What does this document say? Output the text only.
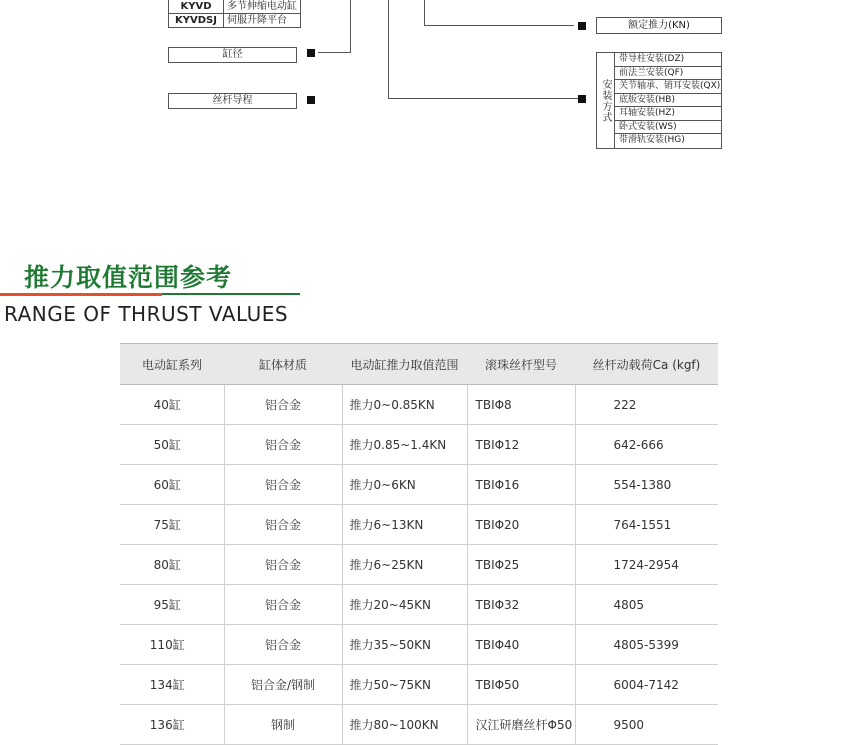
KYVD	多节伸缩电动缸
KYVDSJ	伺服升降平台
缸径
丝杆导程
额定推力(KN)
安装方式
带导柱安装(DZ)
前法兰安装(QF)
关节轴承、销耳安装(QX)
底版安装(HB)
耳轴安装(HZ)
卧式安装(WS)
带滑轨安装(HG)
推力取值范围参考
RANGE OF THRUST VALUES
电动缸系列	缸体材质	电动缸推力取值范围	滚珠丝杆型号	丝杆动载荷Ca (kgf)
40缸	铝合金	推力0~0.85KN	TBIΦ8	222
50缸	铝合金	推力0.85~1.4KN	TBIΦ12	642-666
60缸	铝合金	推力0~6KN	TBIΦ16	554-1380
75缸	铝合金	推力6~13KN	TBIΦ20	764-1551
80缸	铝合金	推力6~25KN	TBIΦ25	1724-2954
95缸	铝合金	推力20~45KN	TBIΦ32	4805
110缸	铝合金	推力35~50KN	TBIΦ40	4805-5399
134缸	铝合金/钢制	推力50~75KN	TBIΦ50	6004-7142
136缸	钢制	推力80~100KN	汉江研磨丝杆Φ50	9500
